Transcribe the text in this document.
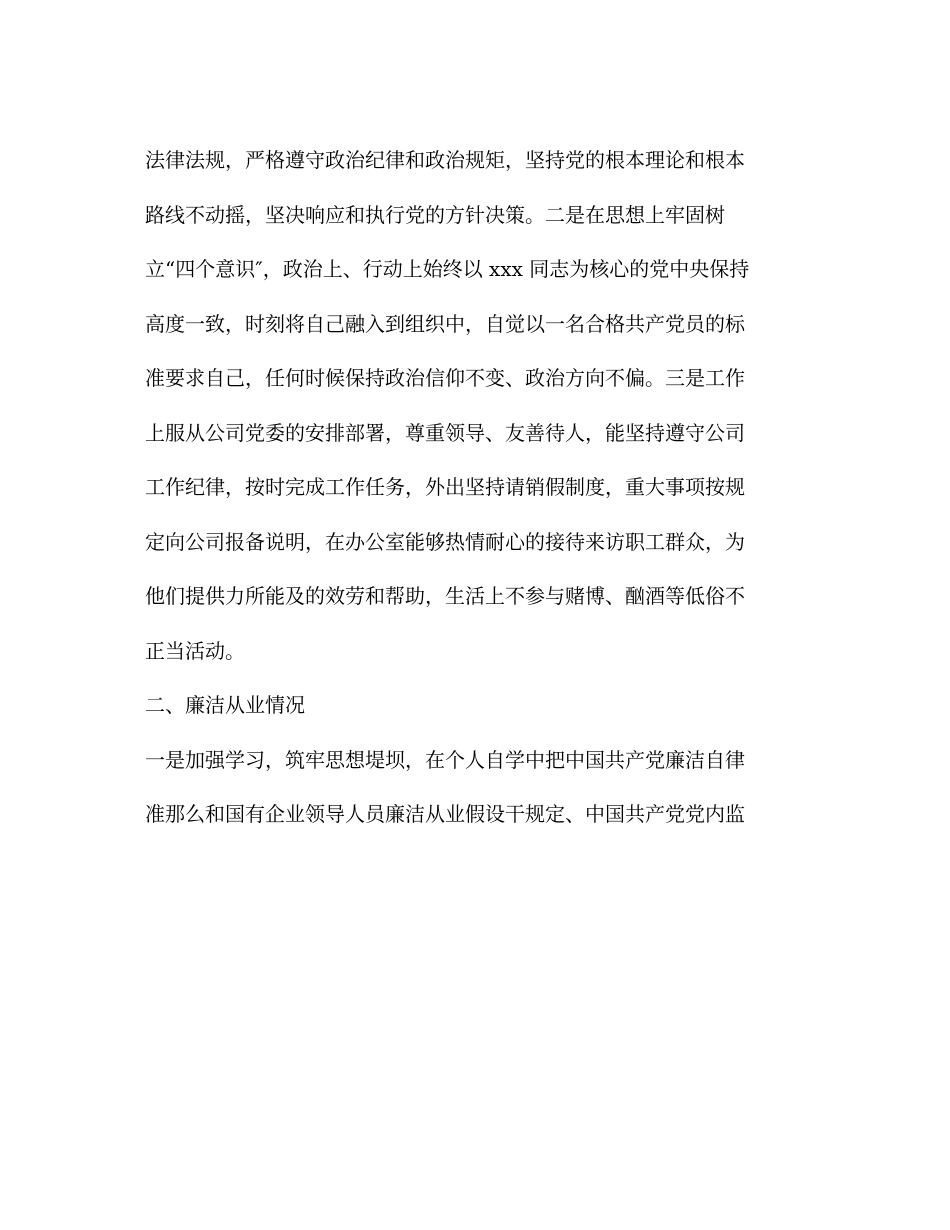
法律法规，严格遵守政治纪律和政治规矩，坚持党的根本理论和根本
路线不动摇，坚决响应和执行党的方针决策。二是在思想上牢固树
立“四个意识″，政治上、行动上始终以 xxx 同志为核心的党中央保持
高度一致，时刻将自己融入到组织中，自觉以一名合格共产党员的标
准要求自己，任何时候保持政治信仰不变、政治方向不偏。三是工作
上服从公司党委的安排部署，尊重领导、友善待人，能坚持遵守公司
工作纪律，按时完成工作任务，外出坚持请销假制度，重大事项按规
定向公司报备说明，在办公室能够热情耐心的接待来访职工群众，为
他们提供力所能及的效劳和帮助，生活上不参与赌博、酗酒等低俗不
正当活动。
二、廉洁从业情况
一是加强学习，筑牢思想堤坝，在个人自学中把中国共产党廉洁自律
准那么和国有企业领导人员廉洁从业假设干规定、中国共产党党内监
